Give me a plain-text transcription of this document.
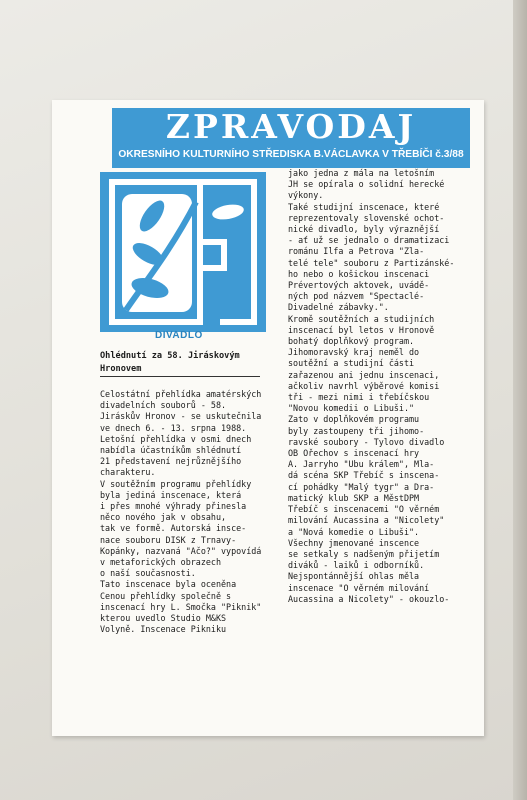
ZPRAVODAJ
OKRESNÍHO KULTURNÍHO STŘEDISKA B.VÁCLAVKA V TŘEBÍČI č.3/88
DIVADLO
Ohlédnutí za 58. Jiráskovým
Hronovem
Celostátní přehlídka amatérských
divadelních souborů - 58.
Jiráskův Hronov - se uskutečnila
ve dnech 6. - 13. srpna 1988.
Letošní přehlídka v osmi dnech
nabídla účastníkům shlédnutí
21 představení nejrůznějšího
charakteru.
V soutěžním programu přehlídky
byla jediná inscenace, která
i přes mnohé výhrady přinesla
něco nového jak v obsahu,
tak ve formě. Autorská insce-
nace souboru DISK z Trnavy-
Kopánky, nazvaná "Ačo?" vypovídá
v metaforických obrazech
o naší současnosti.
Tato inscenace byla oceněna
Cenou přehlídky společně s
inscenací hry L. Smočka "Piknik"
kterou uvedlo Studio M&KS
Volyně. Inscenace Pikniku
jako jedna z mála na letošním
JH se opírala o solidní herecké
výkony.
Také studijní inscenace, které
reprezentovaly slovenské ochot-
nické divadlo, byly výraznější
- ať už se jednalo o dramatizaci
románu Ilfa a Petrova "Zla-
telé tele" souboru z Partizánské-
ho nebo o košickou inscenaci
Prévertových aktovek, uvádě-
ných pod názvem "Spectaclé-
Divadelné zábavky.".
Kromě soutěžních a studijních
inscenací byl letos v Hronově
bohatý doplňkový program.
Jihomoravský kraj neměl do
soutěžní a studijní části
zařazenou ani jednu inscenaci,
ačkoliv navrhl výběrové komisi
tři - mezi nimi i třebíčskou
"Novou komedii o Libuši."
Zato v doplňkovém programu
byly zastoupeny tři jihomo-
ravské soubory - Tylovo divadlo
OB Ořechov s inscenací hry
A. Jarryho "Ubu králem", Mla-
dá scéna SKP Třebíč s inscena-
cí pohádky "Malý tygr" a Dra-
matický klub SKP a MěstDPM
Třebíč s inscenacemi "O věrném
milování Aucassina a "Nicolety"
a "Nová komedie o Libuši".
Všechny jmenované inscence
se setkaly s nadšeným přijetím
diváků - laiků i odborníků.
Nejspontánnější ohlas měla
inscenace "O věrném milování
Aucassina a Nicolety" - okouzlo-
